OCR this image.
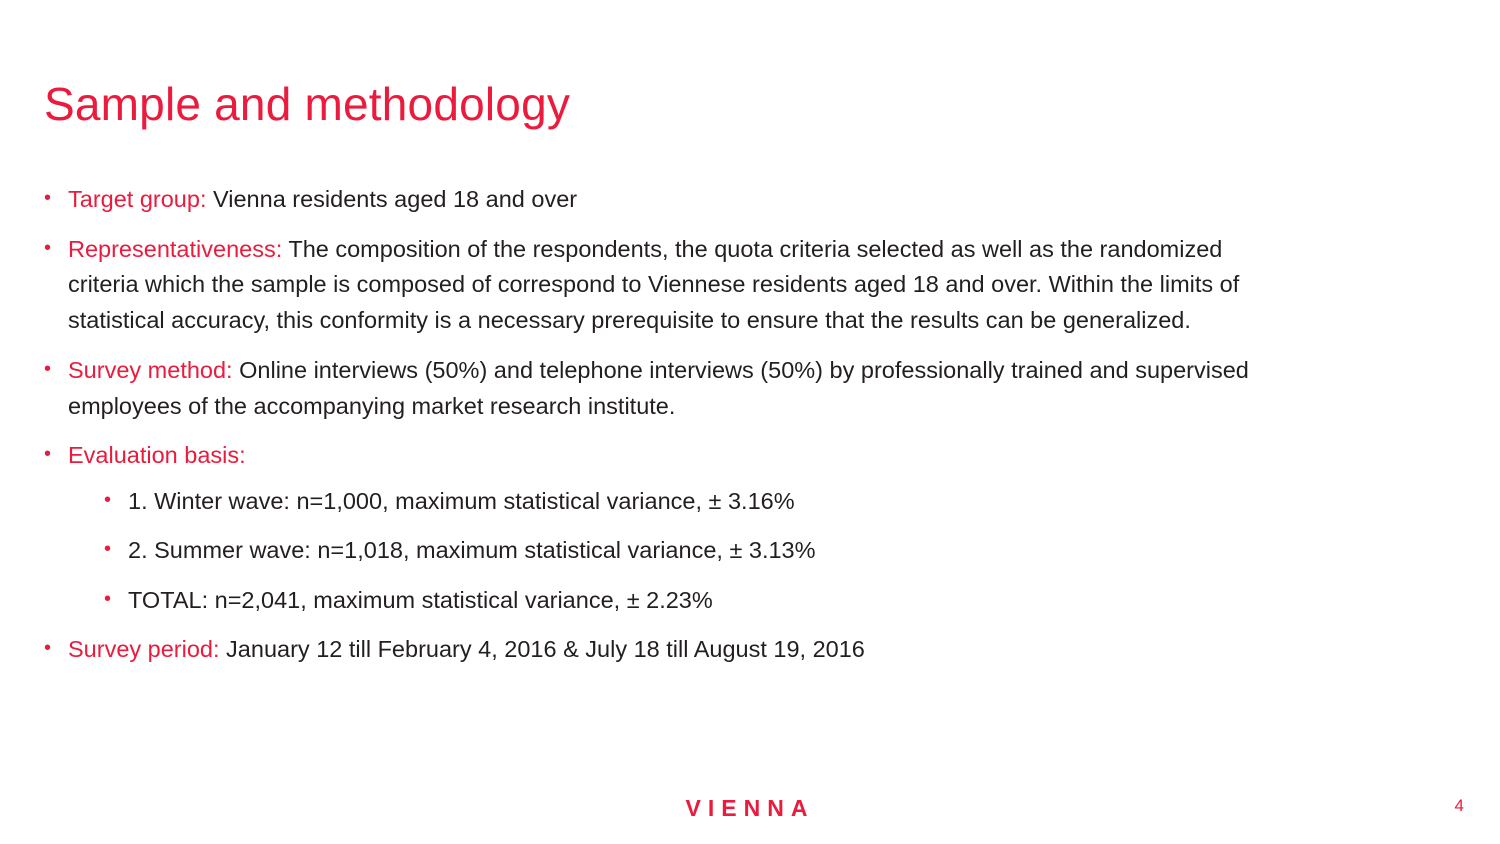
Sample and methodology
• Target group: Vienna residents aged 18 and over
• Representativeness: The composition of the respondents, the quota criteria selected as well as the randomized criteria which the sample is composed of correspond to Viennese residents aged 18 and over. Within the limits of statistical accuracy, this conformity is a necessary prerequisite to ensure that the results can be generalized.
• Survey method: Online interviews (50%) and telephone interviews (50%) by professionally trained and supervised employees of the accompanying market research institute.
• Evaluation basis:
• 1. Winter wave: n=1,000, maximum statistical variance, ± 3.16%
• 2. Summer wave: n=1,018, maximum statistical variance, ± 3.13%
• TOTAL: n=2,041, maximum statistical variance, ± 2.23%
• Survey period: January 12 till February 4, 2016 & July 18 till August 19, 2016
VIENNA	4
